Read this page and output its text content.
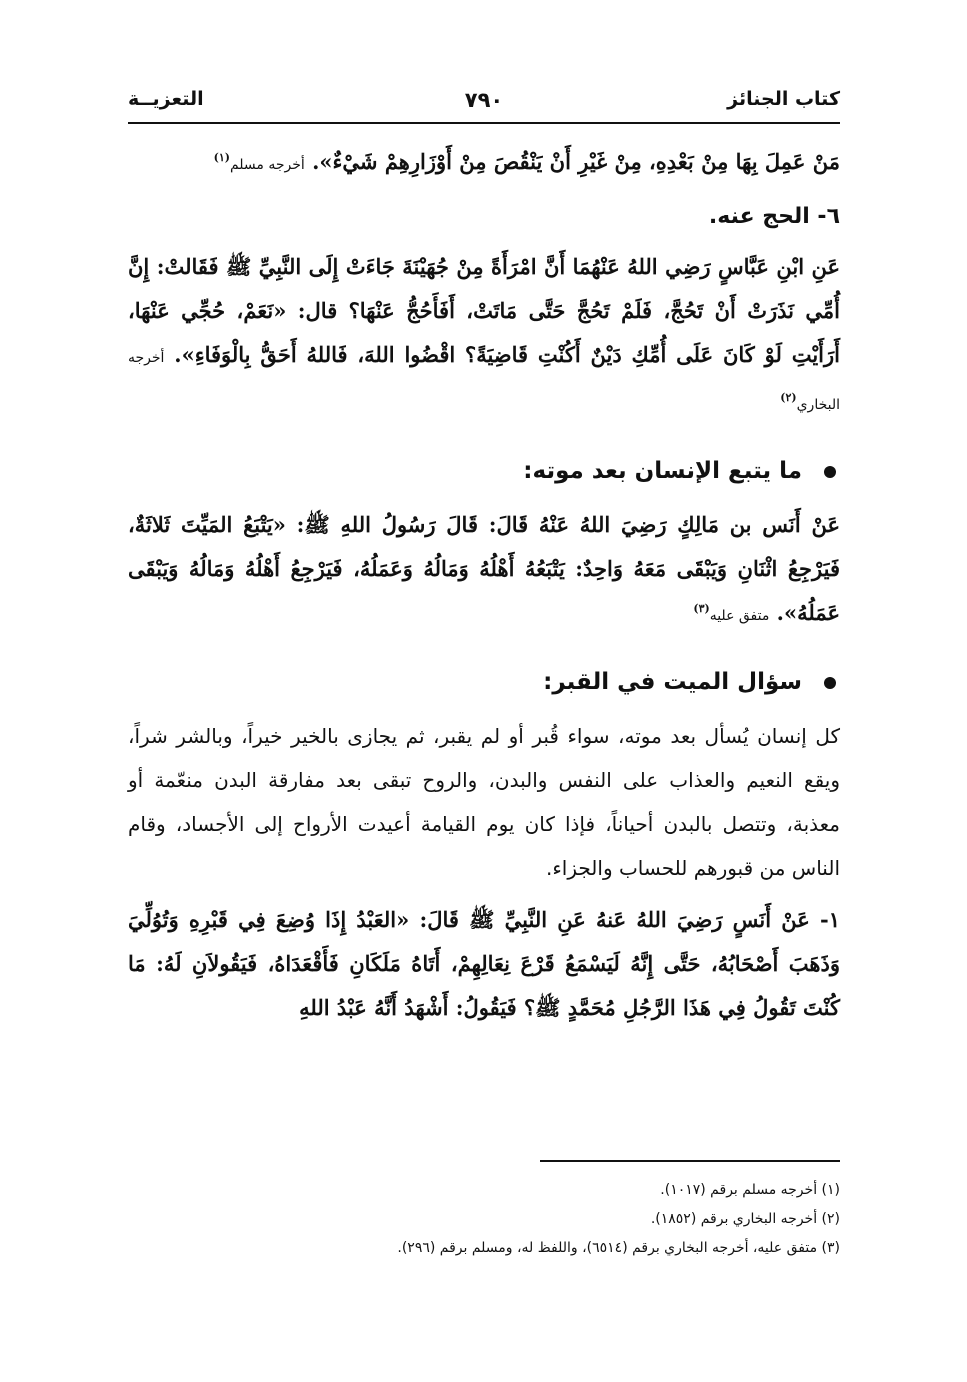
كتاب الجنائز
٧٩٠
التعزيــة

مَنْ عَمِلَ بِهَا مِنْ بَعْدِهِ، مِنْ غَيْرِ أَنْ يَنْقُصَ مِنْ أَوْزَارِهِمْ شَيْءٌ». أخرجه مسلم$^{(١)}$

٦- الحج عنه.

عَنِ ابْنِ عَبَّاسٍ رَضِي اللهُ عَنْهُمَا أَنَّ امْرَأَةً مِنْ جُهَيْنَةَ جَاءَتْ إِلَى النَّبِيِّ ﷺ فَقَالتْ: إِنَّ أُمِّي نَذَرَتْ أَنْ تَحُجَّ، فَلَمْ تَحُجَّ حَتَّى مَاتَتْ، أَفَأَحُجُّ عَنْهَا؟ قال: «نَعَمْ، حُجِّي عَنْهَا، أَرَأَيْتِ لَوْ كَانَ عَلَى أُمِّكِ دَيْنٌ أَكُنْتِ قَاضِيَةً؟ اقْضُوا اللهَ، فَاللهُ أَحَقُّ بِالْوَفَاءِ». أخرجه البخاري$^{(٢)}$

ما يتبع الإنسان بعد موته:

عَنْ أَنَس بن مَالِكٍ رَضِيَ اللهُ عَنْهُ قَالَ: قَالَ رَسُولُ اللهِ ﷺ: «يَتْبَعُ المَيِّتَ ثَلاثَةٌ، فَيَرْجِعُ اثْنَانِ وَيَبْقَى مَعَهُ وَاحِدٌ: يَتْبَعُهُ أَهْلُهُ وَمَالُهُ وَعَمَلُهُ، فَيَرْجِعُ أَهْلُهُ وَمَالُهُ وَيَبْقَى عَمَلُهُ». متفق عليه$^{(٣)}$

سؤال الميت في القبر:

كل إنسان يُسأل بعد موته، سواء قُبر أو لم يقبر، ثم يجازى بالخير خيراً، وبالشر شراً، ويقع النعيم والعذاب على النفس والبدن، والروح تبقى بعد مفارقة البدن منعّمة أو معذبة، وتتصل بالبدن أحياناً، فإذا كان يوم القيامة أعيدت الأرواح إلى الأجساد، وقام الناس من قبورهم للحساب والجزاء.

١- عَنْ أَنَسٍ رَضِيَ اللهُ عَنهُ عَنِ النَّبِيِّ ﷺ قَالَ: «العَبْدُ إِذَا وُضِعَ فِي قَبْرِهِ وَتُوُلِّيَ وَذَهَبَ أَصْحَابُهُ، حَتَّى إِنَّهُ لَيَسْمَعُ قَرْعَ نِعَالِهِمْ، أَتَاهُ مَلَكَانِ فَأَقْعَدَاهُ، فَيَقُولاَنِ لَهُ: مَا كُنْتَ تَقُولُ فِي هَذَا الرَّجُلِ مُحَمَّدٍ ﷺ؟ فَيَقُولُ: أَشْهَدُ أَنَّهُ عَبْدُ اللهِ

(١) أخرجه مسلم برقم (١٠١٧).
(٢) أخرجه البخاري برقم (١٨٥٢).
(٣) متفق عليه، أخرجه البخاري برقم (٦٥١٤)، واللفظ له، ومسلم برقم (٢٩٦).
